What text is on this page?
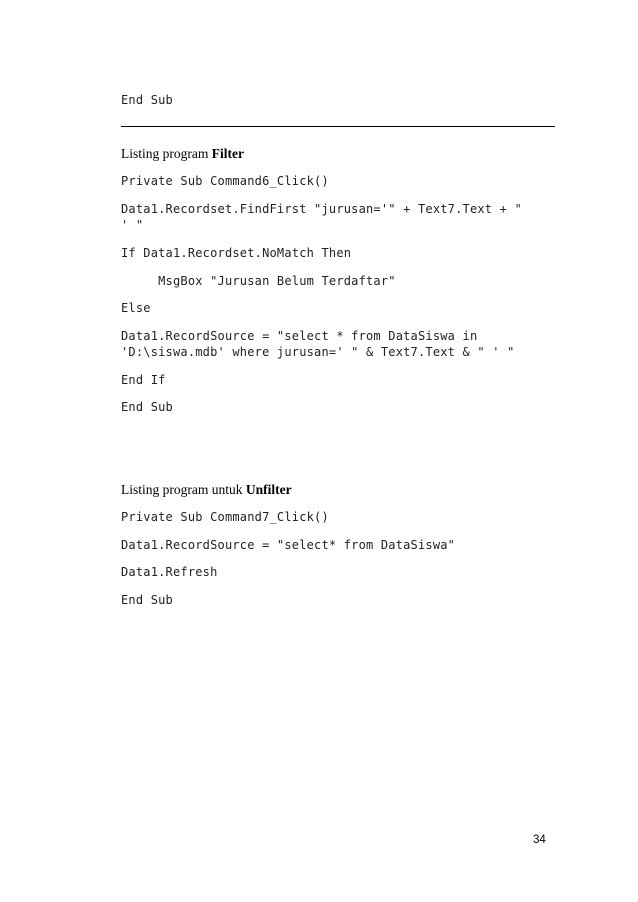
End Sub
Listing program Filter
Private Sub Command6_Click()
Data1.Recordset.FindFirst "jurusan='" + Text7.Text + "
' "
If Data1.Recordset.NoMatch Then
MsgBox "Jurusan Belum Terdaftar"
Else
Data1.RecordSource = "select * from DataSiswa in
'D:\siswa.mdb' where jurusan=' " & Text7.Text & " ' "
End If
End Sub
Listing program untuk Unfilter
Private Sub Command7_Click()
Data1.RecordSource = "select* from DataSiswa"
Data1.Refresh
End Sub
34
